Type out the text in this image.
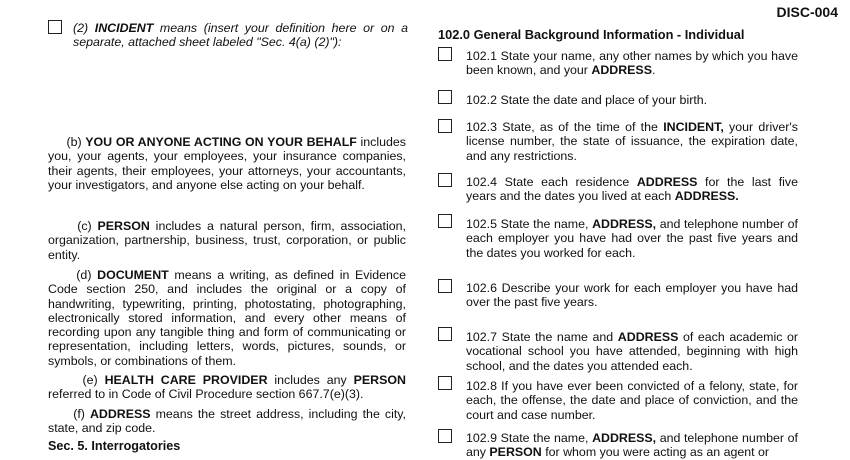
DISC-004
(2) INCIDENT means (insert your definition here or on a separate, attached sheet labeled "Sec. 4(a) (2)"):
(b) YOU OR ANYONE ACTING ON YOUR BEHALF includes you, your agents, your employees, your insurance companies, their agents, their employees, your attorneys, your accountants, your investigators, and anyone else acting on your behalf.
(c) PERSON includes a natural person, firm, association, organization, partnership, business, trust, corporation, or public entity.
(d) DOCUMENT means a writing, as defined in Evidence Code section 250, and includes the original or a copy of handwriting, typewriting, printing, photostating, photographing, electronically stored information, and every other means of recording upon any tangible thing and form of communicating or representation, including letters, words, pictures, sounds, or symbols, or combinations of them.
(e) HEALTH CARE PROVIDER includes any PERSON referred to in Code of Civil Procedure section 667.7(e)(3).
(f) ADDRESS means the street address, including the city, state, and zip code.
Sec. 5. Interrogatories
102.0 General Background Information - Individual
102.1 State your name, any other names by which you have been known, and your ADDRESS.
102.2 State the date and place of your birth.
102.3 State, as of the time of the INCIDENT, your driver's license number, the state of issuance, the expiration date, and any restrictions.
102.4 State each residence ADDRESS for the last five years and the dates you lived at each ADDRESS.
102.5 State the name, ADDRESS, and telephone number of each employer you have had over the past five years and the dates you worked for each.
102.6 Describe your work for each employer you have had over the past five years.
102.7 State the name and ADDRESS of each academic or vocational school you have attended, beginning with high school, and the dates you attended each.
102.8 If you have ever been convicted of a felony, state, for each, the offense, the date and place of conviction, and the court and case number.
102.9 State the name, ADDRESS, and telephone number of any PERSON for whom you were acting as an agent or
